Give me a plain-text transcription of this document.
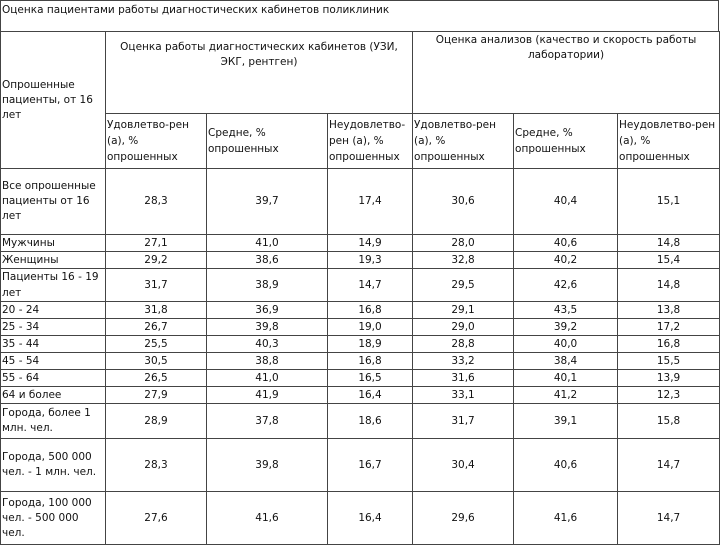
Оценка пациентами работы диагностических кабинетов поликлиник
Опрошенные пациенты, от 16 лет	Оценка работы диагностических кабинетов (УЗИ, ЭКГ, рентген)			Оценка анализов (качество и скорость работы лаборатории)		
	Удовлетво-рен (а), % опрошенных	Средне, % опрошенных	Неудовлетво-рен (а), % опрошенных	Удовлетво-рен (а), % опрошенных	Средне, % опрошенных	Неудовлетво-рен (а), % опрошенных
Все опрошенные пациенты от 16 лет	28,3	39,7	17,4	30,6	40,4	15,1
Мужчины	27,1	41,0	14,9	28,0	40,6	14,8
Женщины	29,2	38,6	19,3	32,8	40,2	15,4
Пациенты 16 - 19 лет	31,7	38,9	14,7	29,5	42,6	14,8
20 - 24	31,8	36,9	16,8	29,1	43,5	13,8
25 - 34	26,7	39,8	19,0	29,0	39,2	17,2
35 - 44	25,5	40,3	18,9	28,8	40,0	16,8
45 - 54	30,5	38,8	16,8	33,2	38,4	15,5
55 - 64	26,5	41,0	16,5	31,6	40,1	13,9
64 и более	27,9	41,9	16,4	33,1	41,2	12,3
Города, более 1 млн. чел.	28,9	37,8	18,6	31,7	39,1	15,8
Города, 500 000 чел. - 1 млн. чел.	28,3	39,8	16,7	30,4	40,6	14,7
Города, 100 000 чел. - 500 000 чел.	27,6	41,6	16,4	29,6	41,6	14,7
